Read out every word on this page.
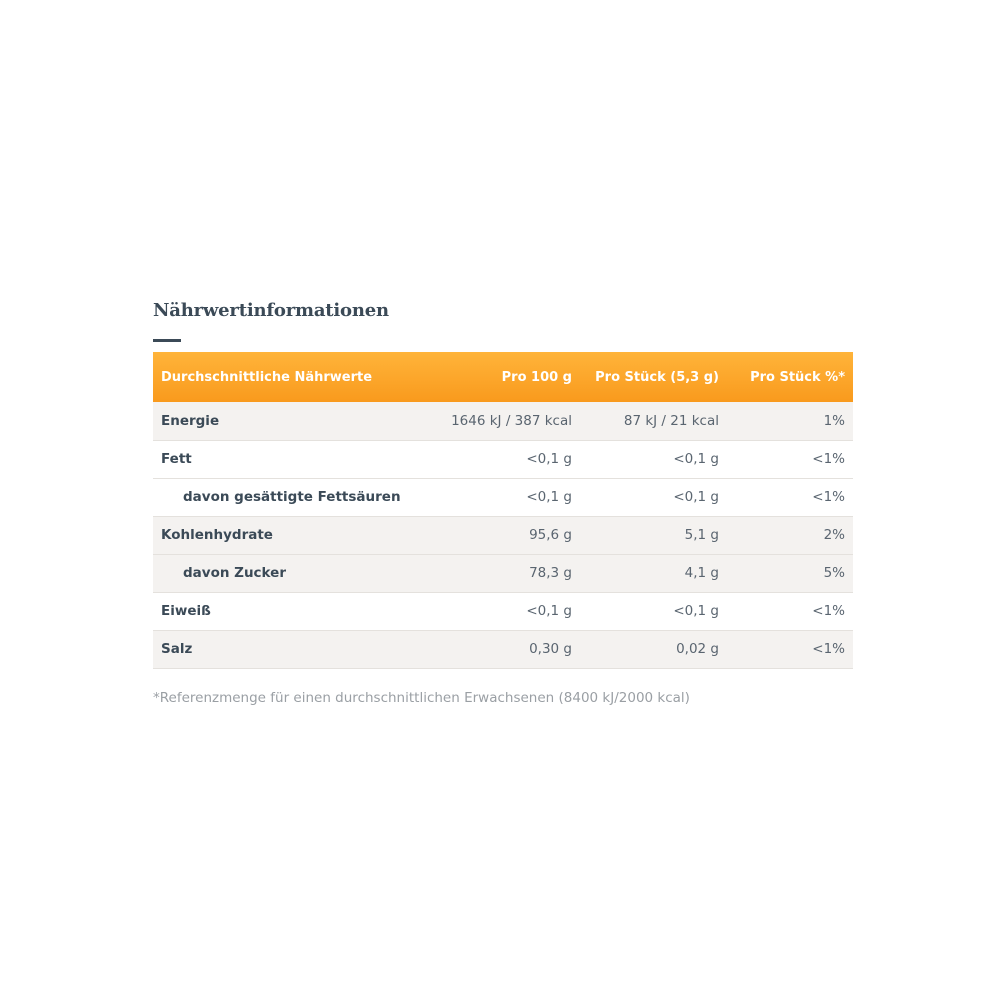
Nährwertinformationen
Durchschnittliche Nährwerte	Pro 100 g	Pro Stück (5,3 g)	Pro Stück %*
Energie	1646 kJ / 387 kcal	87 kJ / 21 kcal	1%
Fett	<0,1 g	<0,1 g	<1%
davon gesättigte Fettsäuren	<0,1 g	<0,1 g	<1%
Kohlenhydrate	95,6 g	5,1 g	2%
davon Zucker	78,3 g	4,1 g	5%
Eiweiß	<0,1 g	<0,1 g	<1%
Salz	0,30 g	0,02 g	<1%
*Referenzmenge für einen durchschnittlichen Erwachsenen (8400 kJ/2000 kcal)
